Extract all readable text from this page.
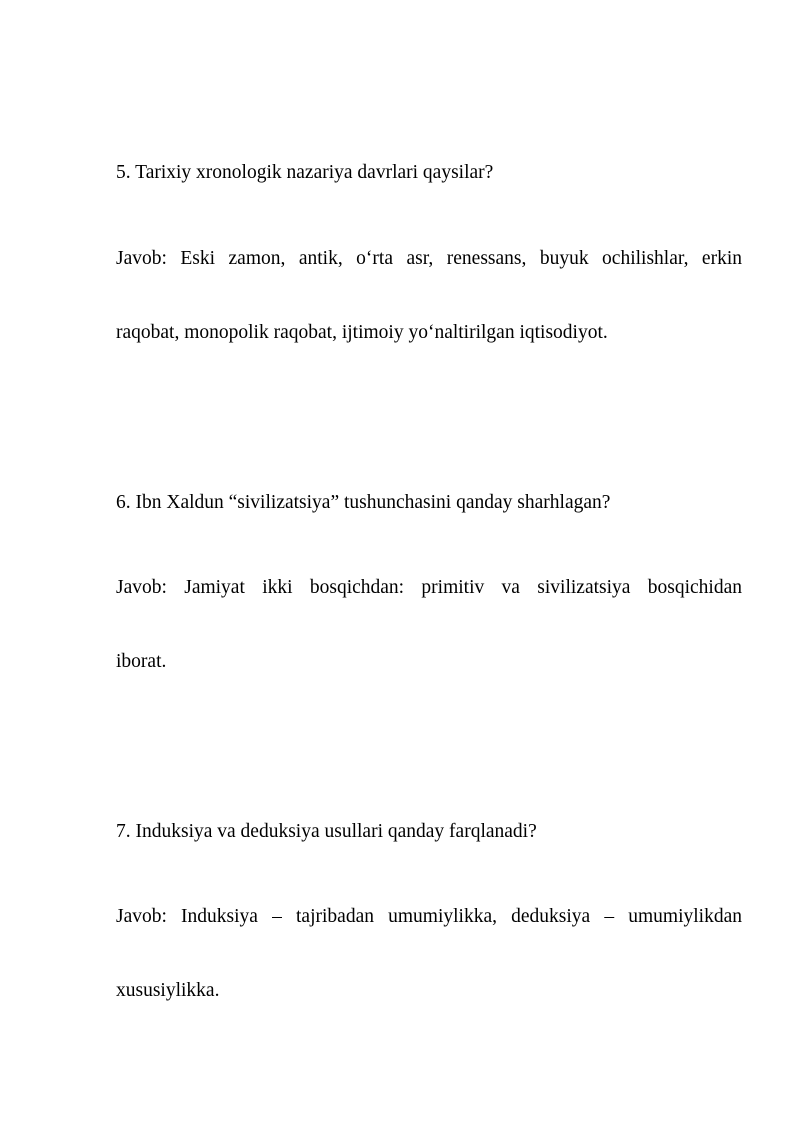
5. Tarixiy xronologik nazariya davrlari qaysilar?

Javob: Eski zamon, antik, o‘rta asr, renessans, buyuk ochilishlar, erkin

raqobat, monopolik raqobat, ijtimoiy yo‘naltirilgan iqtisodiyot.

6. Ibn Xaldun “sivilizatsiya” tushunchasini qanday sharhlagan?

Javob: Jamiyat ikki bosqichdan: primitiv va sivilizatsiya bosqichidan

iborat.

7. Induksiya va deduksiya usullari qanday farqlanadi?

Javob: Induksiya – tajribadan umumiylikka, deduksiya – umumiylikdan

xususiylikka.
